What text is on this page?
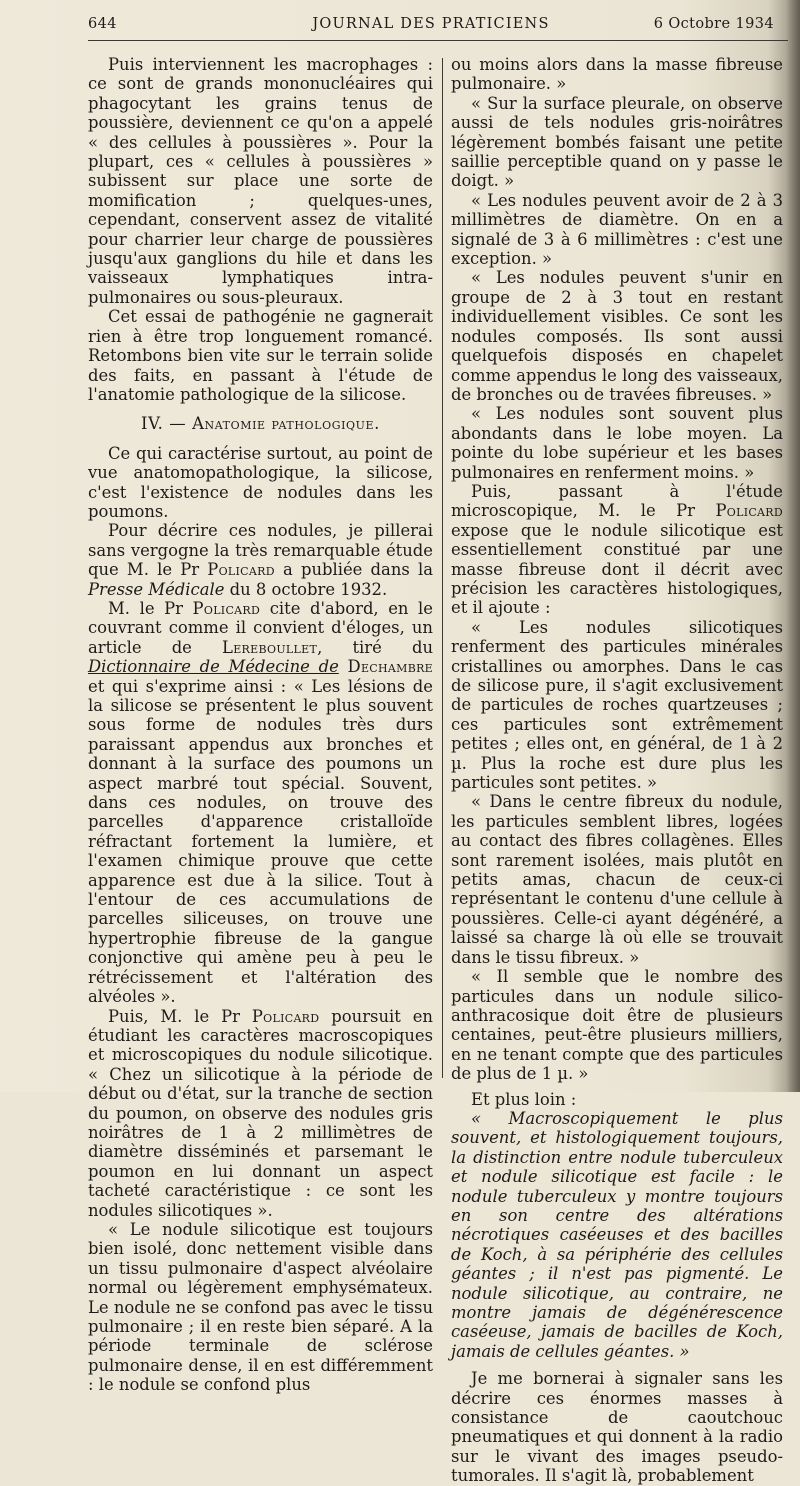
644	JOURNAL DES PRATICIENS	6 Octobre 1934

Puis interviennent les macrophages : ce sont de grands mononucléaires qui phagocytant les grains tenus de poussière, deviennent ce qu'on a appelé « des cellules à poussières ». Pour la plupart, ces « cellules à poussières » subissent sur place une sorte de momification ; quelques-unes, cependant, conservent assez de vitalité pour charrier leur charge de poussières jusqu'aux ganglions du hile et dans les vaisseaux lymphatiques intra-pulmonaires ou sous-pleuraux.

Cet essai de pathogénie ne gagnerait rien à être trop longuement romancé. Retombons bien vite sur le terrain solide des faits, en passant à l'étude de l'anatomie pathologique de la silicose.

IV. — Anatomie pathologique.

Ce qui caractérise surtout, au point de vue anatomopathologique, la silicose, c'est l'existence de nodules dans les poumons.

Pour décrire ces nodules, je pillerai sans vergogne la très remarquable étude que M. le Pr Policard a publiée dans la Presse Médicale du 8 octobre 1932.

M. le Pr Policard cite d'abord, en le couvrant comme il convient d'éloges, un article de Lereboullet, tiré du Dictionnaire de Médecine de Dechambre et qui s'exprime ainsi : « Les lésions de la silicose se présentent le plus souvent sous forme de nodules très durs paraissant appendus aux bronches et donnant à la surface des poumons un aspect marbré tout spécial. Souvent, dans ces nodules, on trouve des parcelles d'apparence cristalloïde réfractant fortement la lumière, et l'examen chimique prouve que cette apparence est due à la silice. Tout à l'entour de ces accumulations de parcelles siliceuses, on trouve une hypertrophie fibreuse de la gangue conjonctive qui amène peu à peu le rétrécissement et l'altération des alvéoles ».

Puis, M. le Pr Policard poursuit en étudiant les caractères macroscopiques et microscopiques du nodule silicotique. « Chez un silicotique à la période de début ou d'état, sur la tranche de section du poumon, on observe des nodules gris noirâtres de 1 à 2 millimètres de diamètre disséminés et parsemant le poumon en lui donnant un aspect tacheté caractéristique : ce sont les nodules silicotiques ».

« Le nodule silicotique est toujours bien isolé, donc nettement visible dans un tissu pulmonaire d'aspect alvéolaire normal ou légèrement emphysémateux. Le nodule ne se confond pas avec le tissu pulmonaire ; il en reste bien séparé. A la période terminale de sclérose pulmonaire dense, il en est différemment : le nodule se confond plus

ou moins alors dans la masse fibreuse pulmonaire. »

« Sur la surface pleurale, on observe aussi de tels nodules gris-noirâtres légèrement bombés faisant une petite saillie perceptible quand on y passe le doigt. »

« Les nodules peuvent avoir de 2 à 3 millimètres de diamètre. On en a signalé de 3 à 6 millimètres : c'est une exception. »

« Les nodules peuvent s'unir en groupe de 2 à 3 tout en restant individuellement visibles. Ce sont les nodules composés. Ils sont aussi quelquefois disposés en chapelet comme appendus le long des vaisseaux, de bronches ou de travées fibreuses. »

« Les nodules sont souvent plus abondants dans le lobe moyen. La pointe du lobe supérieur et les bases pulmonaires en renferment moins. »

Puis, passant à l'étude microscopique, M. le Pr Policard expose que le nodule silicotique est essentiellement constitué par une masse fibreuse dont il décrit avec précision les caractères histologiques, et il ajoute :

« Les nodules silicotiques renferment des particules minérales cristallines ou amorphes. Dans le cas de silicose pure, il s'agit exclusivement de particules de roches quartzeuses ; ces particules sont extrêmement petites ; elles ont, en général, de 1 à 2 µ. Plus la roche est dure plus les particules sont petites. »

« Dans le centre fibreux du nodule, les particules semblent libres, logées au contact des fibres collagènes. Elles sont rarement isolées, mais plutôt en petits amas, chacun de ceux-ci représentant le contenu d'une cellule à poussières. Celle-ci ayant dégénéré, a laissé sa charge là où elle se trouvait dans le tissu fibreux. »

« Il semble que le nombre des particules dans un nodule silico-anthracosique doit être de plusieurs centaines, peut-être plusieurs milliers, en ne tenant compte que des particules de plus de 1 µ. »

Et plus loin :

« Macroscopiquement le plus souvent, et histologiquement toujours, la distinction entre nodule tuberculeux et nodule silicotique est facile : le nodule tuberculeux y montre toujours en son centre des altérations nécrotiques caséeuses et des bacilles de Koch, à sa périphérie des cellules géantes ; il n'est pas pigmenté. Le nodule silicotique, au contraire, ne montre jamais de dégénérescence caséeuse, jamais de bacilles de Koch, jamais de cellules géantes. »

Je me bornerai à signaler sans les décrire ces énormes masses à consistance de caoutchouc pneumatiques et qui donnent à la radio sur le vivant des images pseudo-tumorales. Il s'agit là, probablement
